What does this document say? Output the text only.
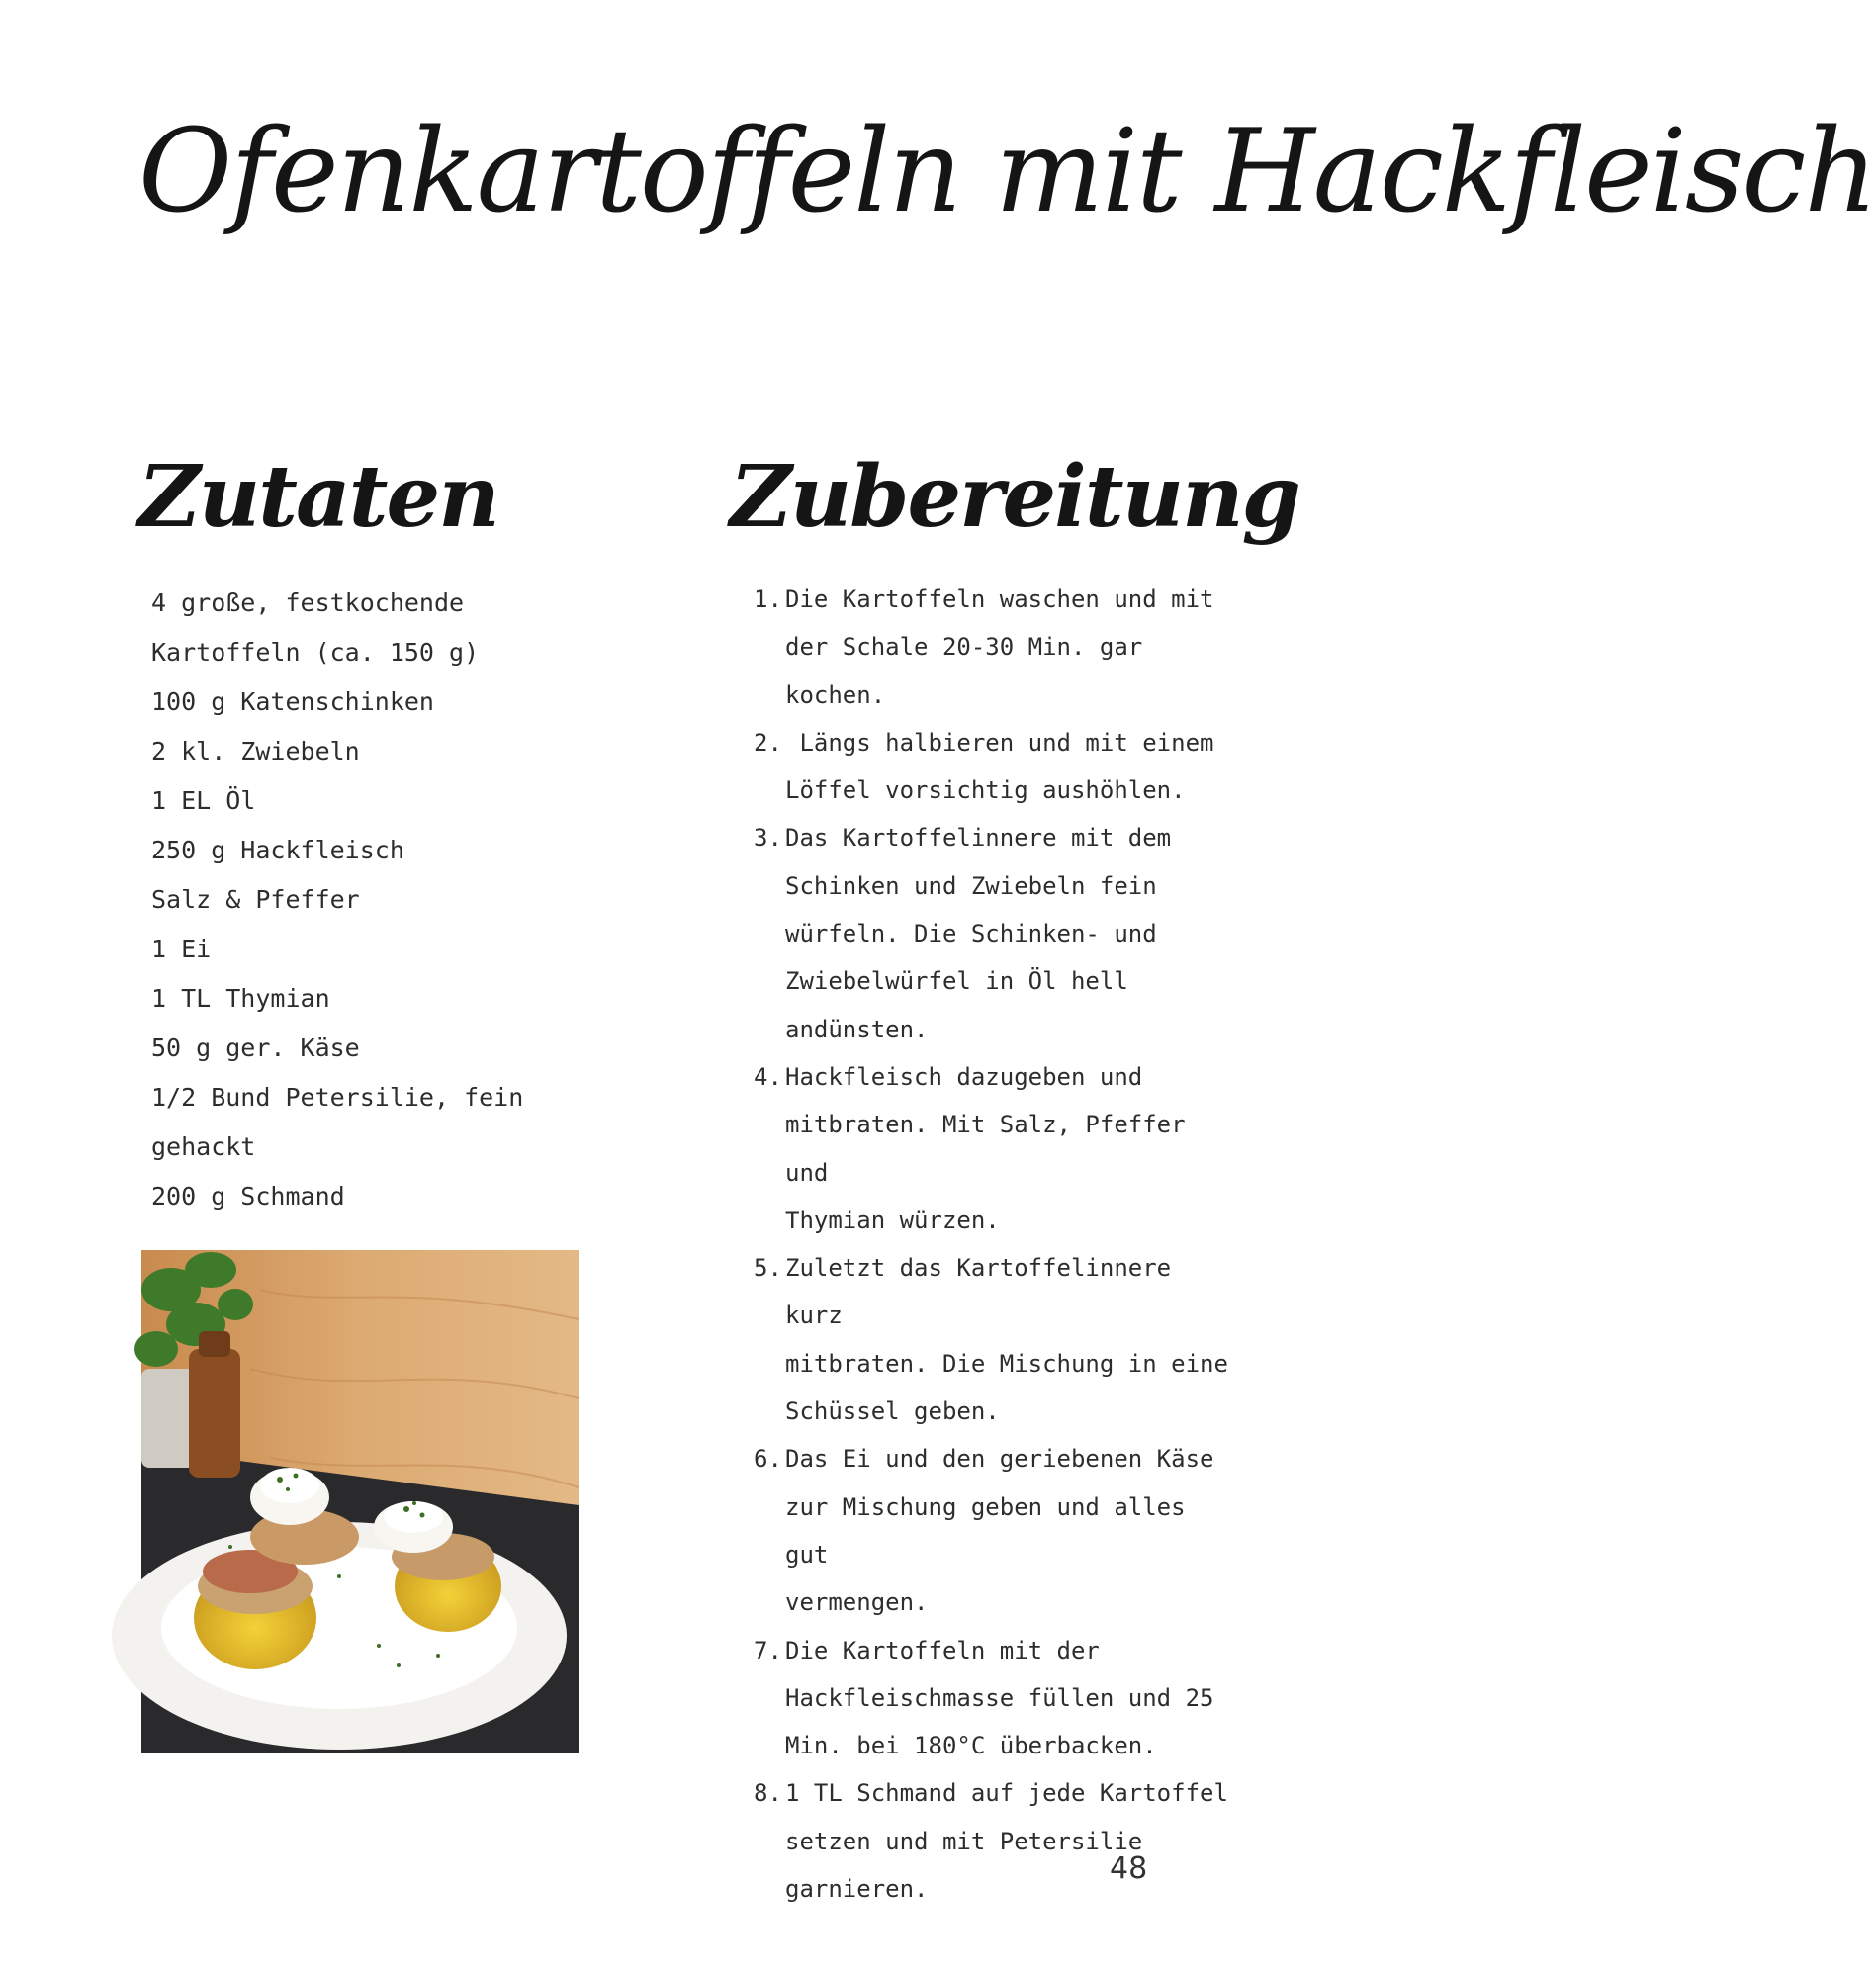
Ofenkartoffeln mit Hackfleisch
Zutaten	Zubereitung
4 große, festkochende
Kartoffeln (ca. 150 g)
100 g Katenschinken
2 kl. Zwiebeln
1 EL Öl
250 g Hackfleisch
Salz & Pfeffer
1 Ei
1 TL Thymian
50 g ger. Käse
1/2 Bund Petersilie, fein
gehackt
200 g Schmand
1. Die Kartoffeln waschen und mit
der Schale 20-30 Min. gar
kochen.
2. Längs halbieren und mit einem
Löffel vorsichtig aushöhlen.
3. Das Kartoffelinnere mit dem
Schinken und Zwiebeln fein
würfeln. Die Schinken- und
Zwiebelwürfel in Öl hell
andünsten.
4. Hackfleisch dazugeben und
mitbraten. Mit Salz, Pfeffer und
Thymian würzen.
5. Zuletzt das Kartoffelinnere kurz
mitbraten. Die Mischung in eine
Schüssel geben.
6. Das Ei und den geriebenen Käse
zur Mischung geben und alles gut
vermengen.
7. Die Kartoffeln mit der
Hackfleischmasse füllen und 25
Min. bei 180°C überbacken.
8. 1 TL Schmand auf jede Kartoffel
setzen und mit Petersilie
garnieren.

48
